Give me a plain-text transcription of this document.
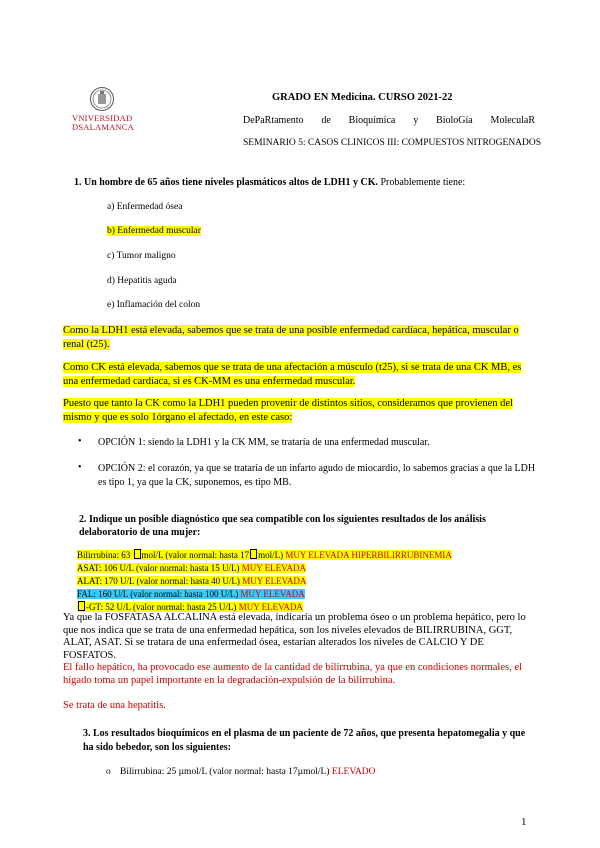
VNIVERSIDAD
DSALAMANCA
GRADO EN Medicina. CURSO 2021-22
DePaRtamento de Bioquímica y BioloGía MoleculaR
SEMINARIO 5: CASOS CLINICOS III: COMPUESTOS NITROGENADOS
1. Un hombre de 65 años tiene niveles plasmáticos altos de LDH1 y CK. Probablemente tiene:
a) Enfermedad ósea
b) Enfermedad muscular
c) Tumor maligno
d) Hepatitis aguda
e) Inflamación del colon
Como la LDH1 está elevada, sabemos que se trata de una posible enfermedad cardíaca, hepática, muscular o renal (t25).
Como CK está elevada, sabemos que se trata de una afectación a músculo (t25), si se trata de una CK MB, es una enfermedad cardíaca, si es CK-MM es una enfermedad muscular.
Puesto que tanto la CK como la LDH1 pueden provenir de distintos sitios, consideramos que provienen del mismo y que es solo 1órgano el afectado, en este caso:
• OPCIÓN 1: siendo la LDH1 y la CK MM, se trataría de una enfermedad muscular.
• OPCIÓN 2: el corazón, ya que se trataría de un infarto agudo de miocardio, lo sabemos gracias a que la LDH es tipo 1, ya que la CK, suponemos, es tipo MB.
2. Indique un posible diagnóstico que sea compatible con los siguientes resultados de los análisis delaboratorio de una mujer:
Bilirrubina: 63 mol/L (valor normal: hasta 17 mol/L) MUY ELEVADA HIPERBILIRRUBINEMIA
ASAT: 106 U/L (valor normal: hasta 15 U/L) MUY ELEVADA
ALAT: 170 U/L (valor normal: hasta 40 U/L) MUY ELEVADA
FAL: 160 U/L (valor normal: hasta 100 U/L) MUY ELEVADA
-GT: 52 U/L (valor normal: hasta 25 U/L) MUY ELEVADA
Ya que la FOSFATASA ALCALINA está elevada, indicaría un problema óseo o un problema hepático, pero lo que nos indica que se trata de una enfermedad hepática, son los niveles elevados de BILIRRUBINA, GGT, ALAT, ASAT. Si se tratara de una enfermedad ósea, estarían alterados los niveles de CALCIO Y DE FOSFATOS.
El fallo hepático, ha provocado ese aumento de la cantidad de bilirrubina, ya que en condiciones normales, el hígado toma un papel importante en la degradación-expulsión de la bilirrubina.
Se trata de una hepatitis.
3. Los resultados bioquímicos en el plasma de un paciente de 72 años, que presenta hepatomegalia y que ha sido bebedor, son los siguientes:
o Bilirrubina: 25 µmol/L (valor normal: hasta 17µmol/L) ELEVADO
1
